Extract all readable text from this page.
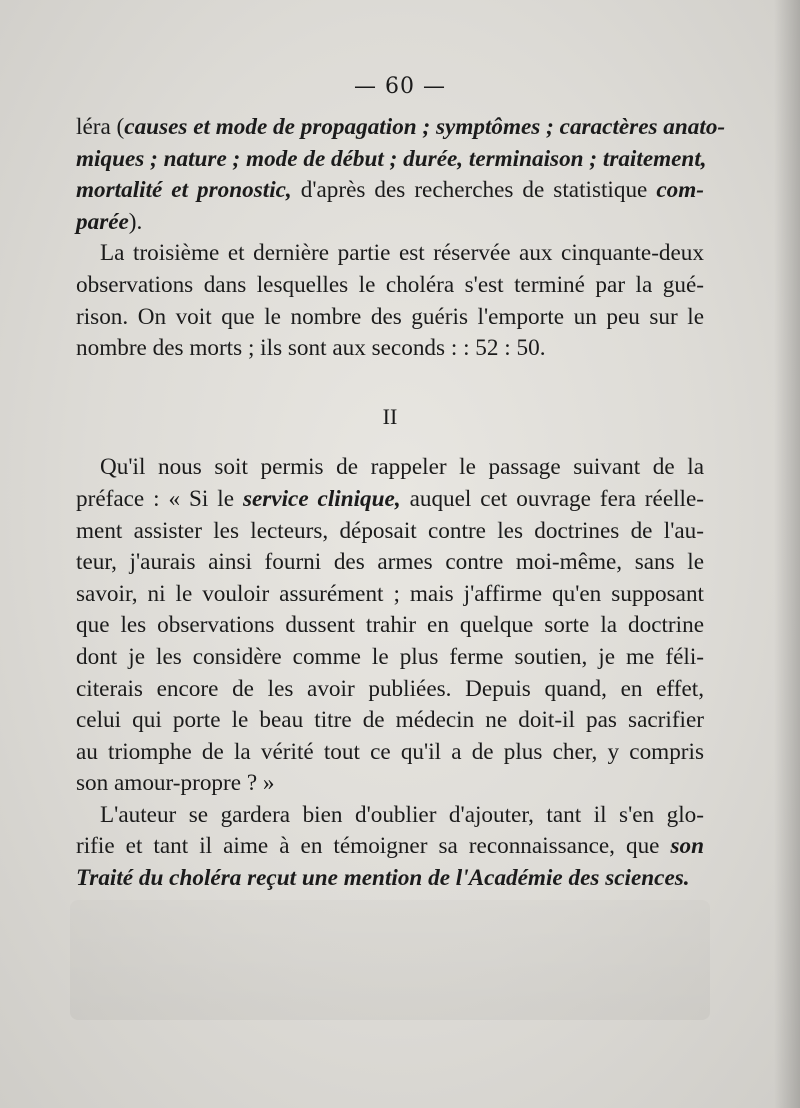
— 60 —
léra (causes et mode de propagation ; symptômes ; caractères anato-
miques ; nature ; mode de début ; durée, terminaison ; traitement,
mortalité et pronostic, d'après des recherches de statistique com-
parée).
La troisième et dernière partie est réservée aux cinquante-deux
observations dans lesquelles le choléra s'est terminé par la gué-
rison. On voit que le nombre des guéris l'emporte un peu sur le
nombre des morts ; ils sont aux seconds : : 52 : 50.
II
Qu'il nous soit permis de rappeler le passage suivant de la
préface : « Si le service clinique, auquel cet ouvrage fera réelle-
ment assister les lecteurs, déposait contre les doctrines de l'au-
teur, j'aurais ainsi fourni des armes contre moi-même, sans le
savoir, ni le vouloir assurément ; mais j'affirme qu'en supposant
que les observations dussent trahir en quelque sorte la doctrine
dont je les considère comme le plus ferme soutien, je me féli-
citerais encore de les avoir publiées. Depuis quand, en effet,
celui qui porte le beau titre de médecin ne doit-il pas sacrifier
au triomphe de la vérité tout ce qu'il a de plus cher, y compris
son amour-propre ? »
L'auteur se gardera bien d'oublier d'ajouter, tant il s'en glo-
rifie et tant il aime à en témoigner sa reconnaissance, que son
Traité du choléra reçut une mention de l'Académie des sciences.
